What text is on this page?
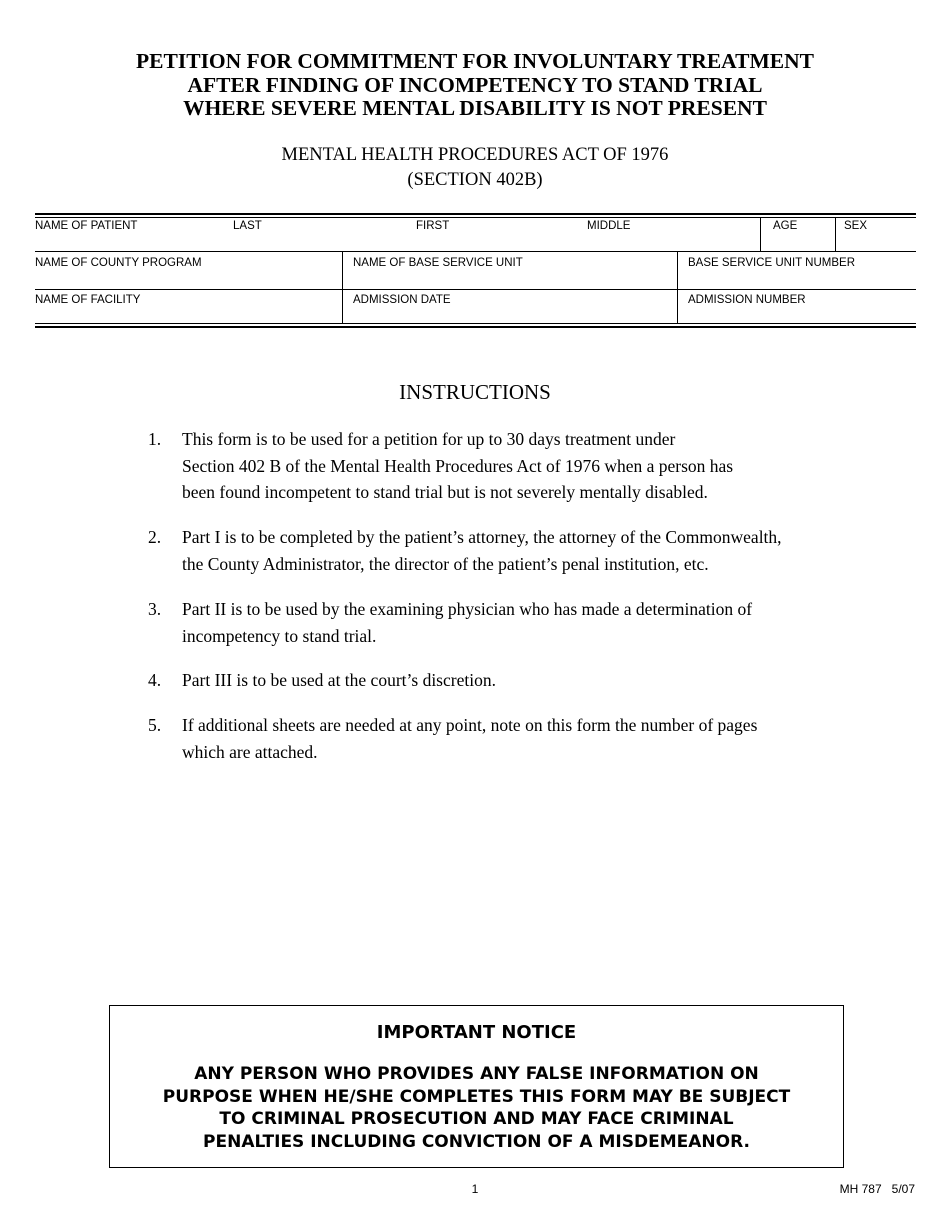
PETITION FOR COMMITMENT FOR INVOLUNTARY TREATMENT
AFTER FINDING OF INCOMPETENCY TO STAND TRIAL
WHERE SEVERE MENTAL DISABILITY IS NOT PRESENT
MENTAL HEALTH PROCEDURES ACT OF 1976
(SECTION 402B)
NAME OF PATIENT	LAST	FIRST	MIDDLE	AGE	SEX
NAME OF COUNTY PROGRAM	NAME OF BASE SERVICE UNIT	BASE SERVICE UNIT NUMBER
NAME OF FACILITY	ADMISSION DATE	ADMISSION NUMBER
INSTRUCTIONS
1. This form is to be used for a petition for up to 30 days treatment under
Section 402 B of the Mental Health Procedures Act of 1976 when a person has
been found incompetent to stand trial but is not severely mentally disabled.
2. Part I is to be completed by the patient’s attorney, the attorney of the Commonwealth,
the County Administrator, the director of the patient’s penal institution, etc.
3. Part II is to be used by the examining physician who has made a determination of
incompetency to stand trial.
4. Part III is to be used at the court’s discretion.
5. If additional sheets are needed at any point, note on this form the number of pages
which are attached.
IMPORTANT NOTICE
ANY PERSON WHO PROVIDES ANY FALSE INFORMATION ON
PURPOSE WHEN HE/SHE COMPLETES THIS FORM MAY BE SUBJECT
TO CRIMINAL PROSECUTION AND MAY FACE CRIMINAL
PENALTIES INCLUDING CONVICTION OF A MISDEMEANOR.
1	MH 787   5/07
